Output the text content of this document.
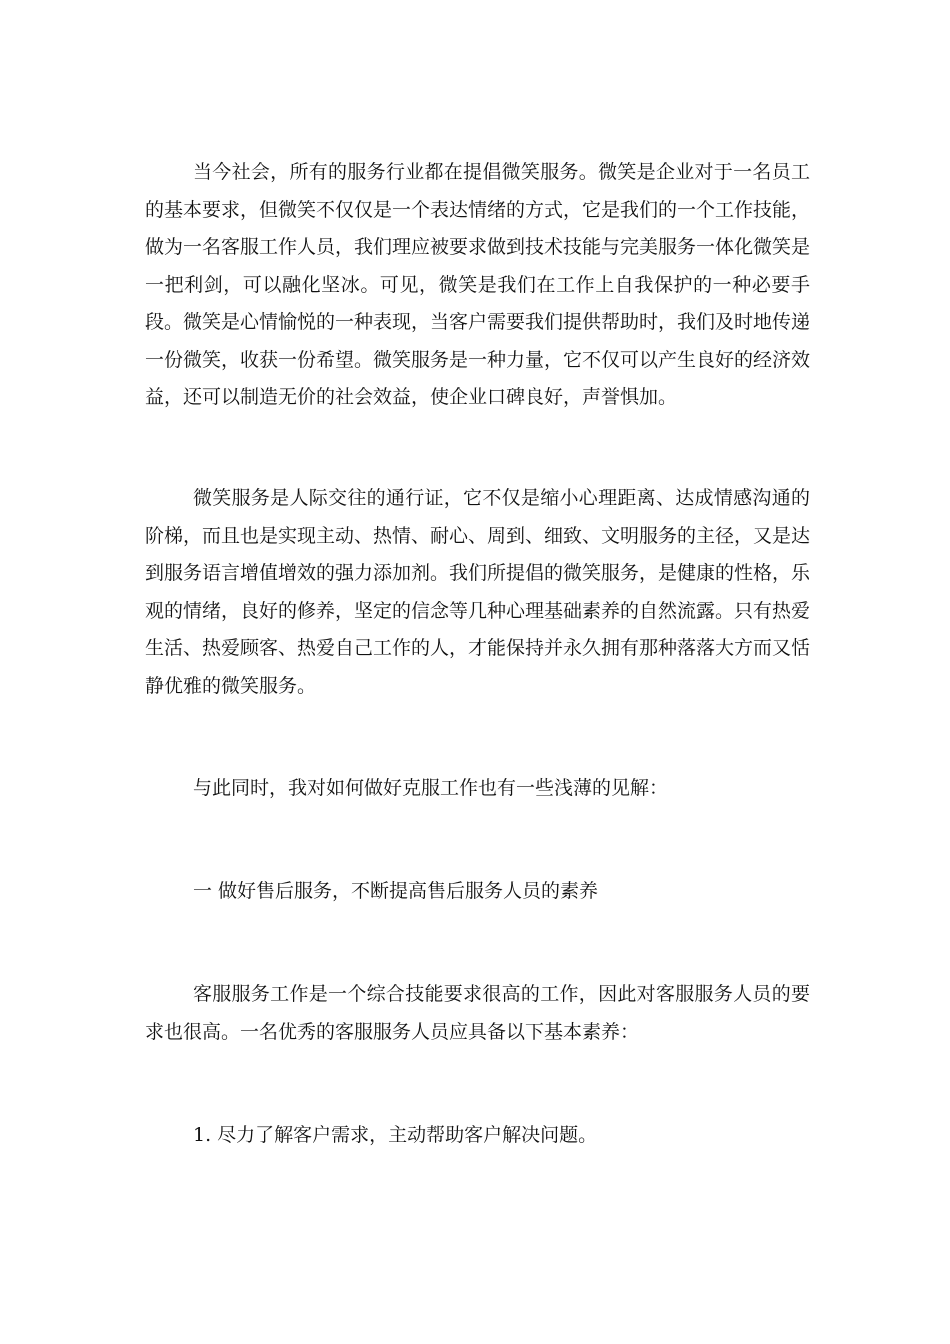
当今社会，所有的服务行业都在提倡微笑服务。微笑是企业对于一名员工的基本要求，但微笑不仅仅是一个表达情绪的方式，它是我们的一个工作技能，做为一名客服工作人员，我们理应被要求做到技术技能与完美服务一体化微笑是一把利剑，可以融化坚冰。可见，微笑是我们在工作上自我保护的一种必要手段。微笑是心情愉悦的一种表现，当客户需要我们提供帮助时，我们及时地传递一份微笑，收获一份希望。微笑服务是一种力量，它不仅可以产生良好的经济效益，还可以制造无价的社会效益，使企业口碑良好，声誉惧加。

微笑服务是人际交往的通行证，它不仅是缩小心理距离、达成情感沟通的阶梯，而且也是实现主动、热情、耐心、周到、细致、文明服务的主径，又是达到服务语言增值增效的强力添加剂。我们所提倡的微笑服务，是健康的性格，乐观的情绪，良好的修养，坚定的信念等几种心理基础素养的自然流露。只有热爱生活、热爱顾客、热爱自己工作的人，才能保持并永久拥有那种落落大方而又恬静优雅的微笑服务。

与此同时，我对如何做好克服工作也有一些浅薄的见解：

一 做好售后服务，不断提高售后服务人员的素养

客服服务工作是一个综合技能要求很高的工作，因此对客服服务人员的要求也很高。一名优秀的客服服务人员应具备以下基本素养：

1. 尽力了解客户需求，主动帮助客户解决问题。
